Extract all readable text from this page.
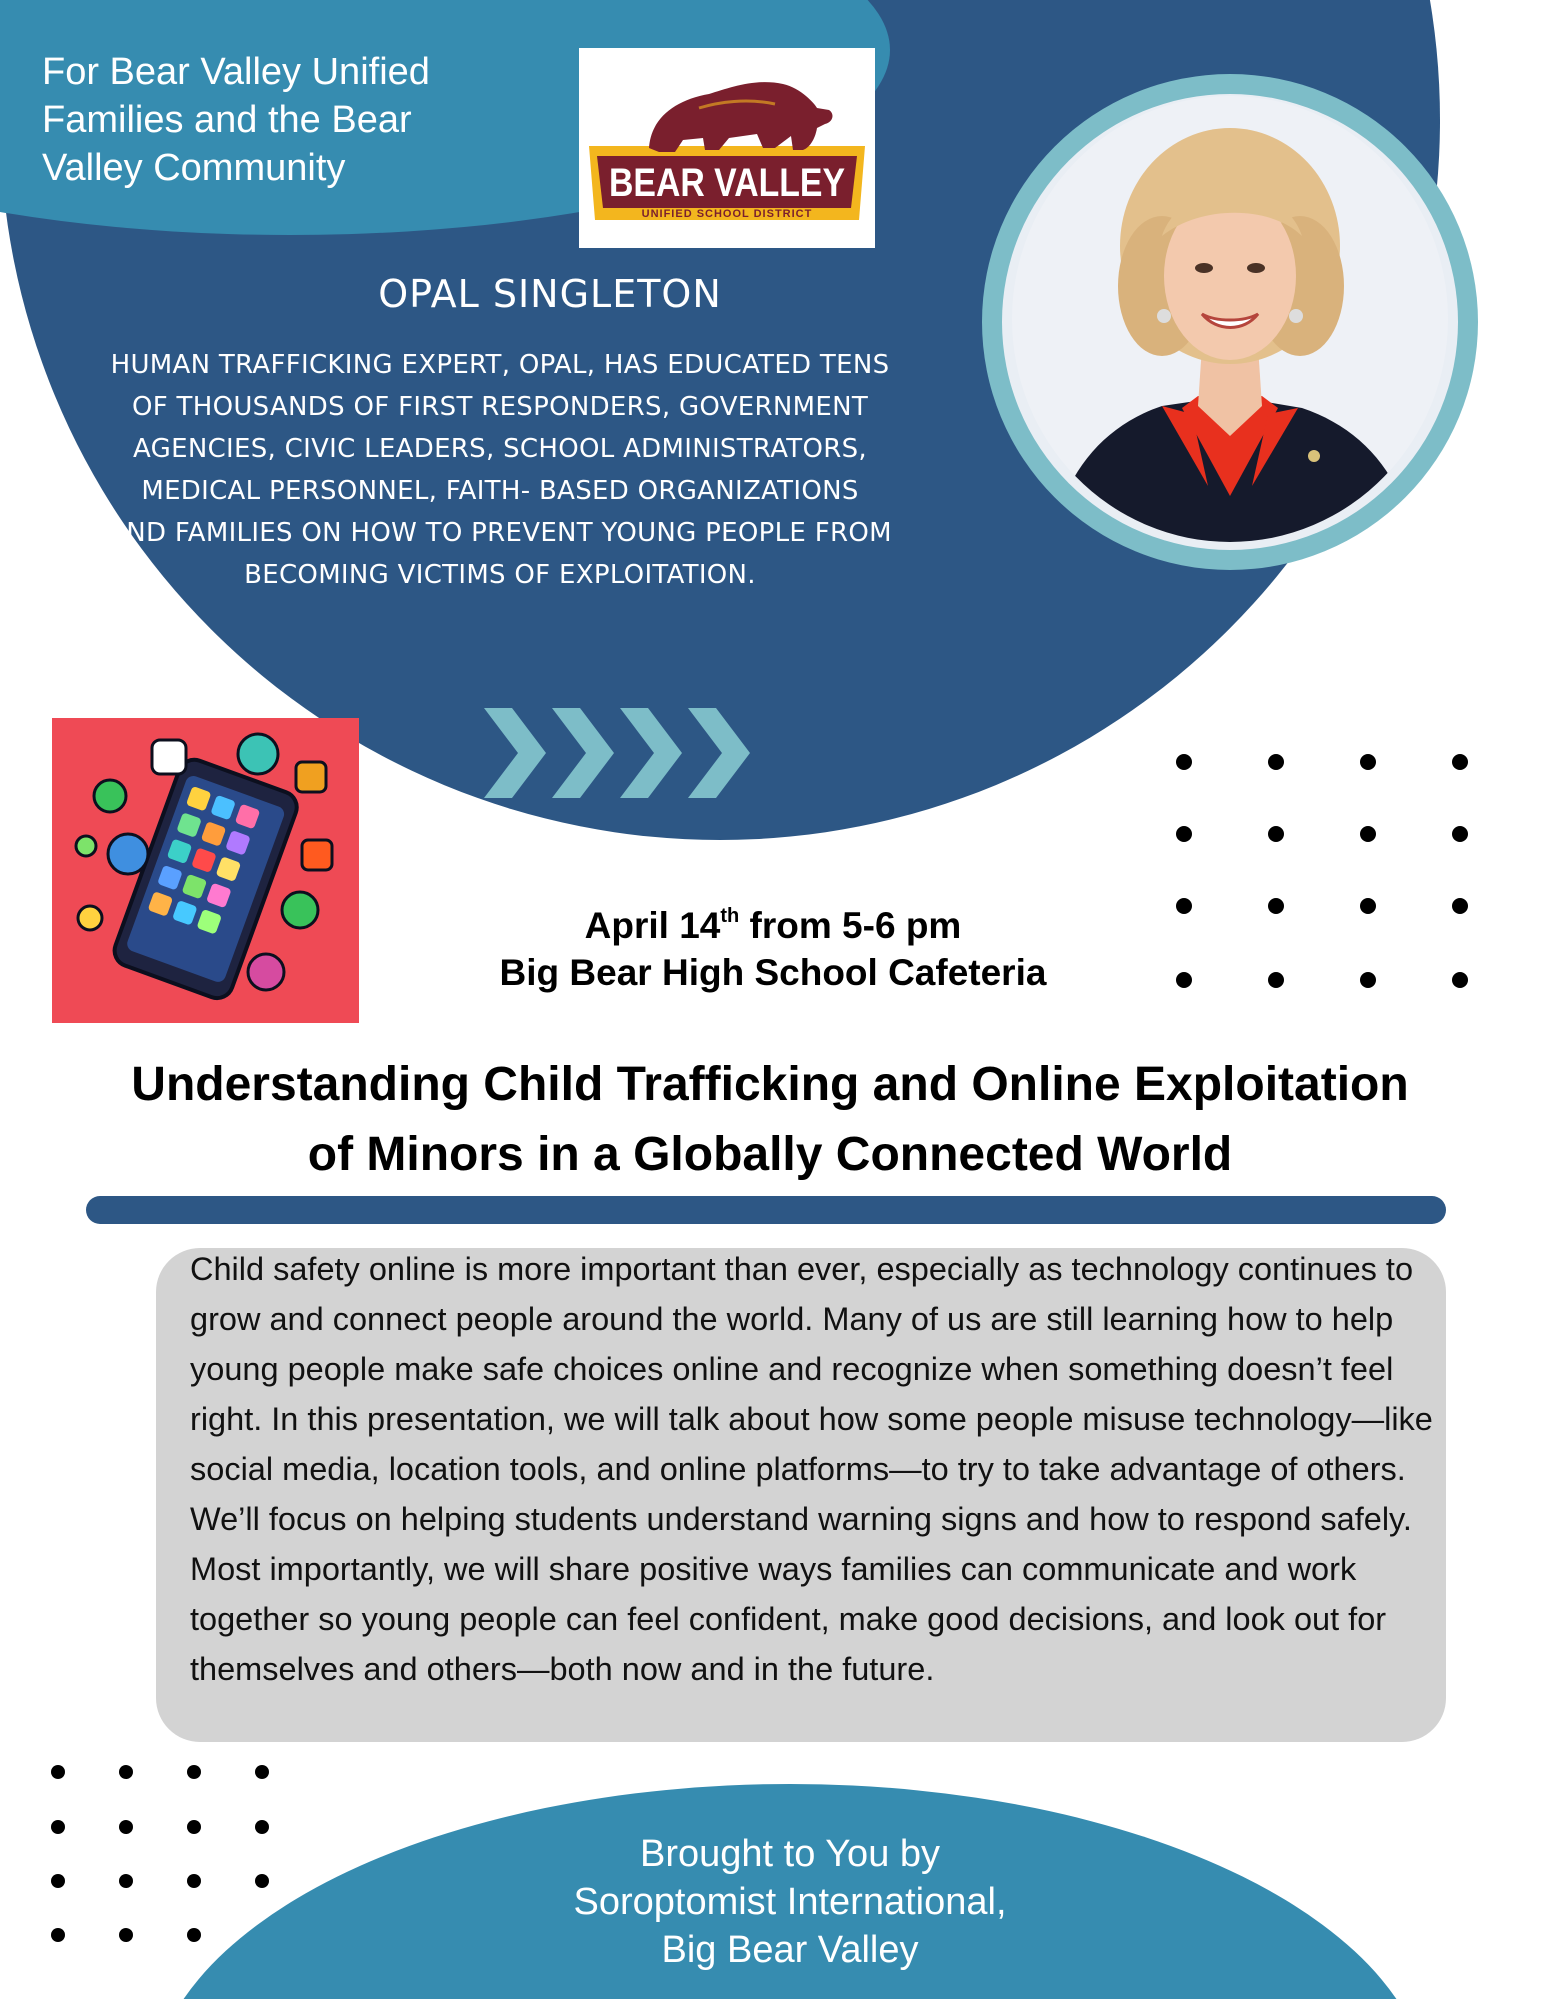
For Bear Valley Unified
Families and the Bear
Valley Community	BEAR VALLEY
UNIFIED SCHOOL DISTRICT
OPAL SINGLETON
HUMAN TRAFFICKING EXPERT, OPAL, HAS EDUCATED TENS
OF THOUSANDS OF FIRST RESPONDERS, GOVERNMENT
AGENCIES, CIVIC LEADERS, SCHOOL ADMINISTRATORS,
MEDICAL PERSONNEL, FAITH- BASED ORGANIZATIONS
AND FAMILIES ON HOW TO PREVENT YOUNG PEOPLE FROM
BECOMING VICTIMS OF EXPLOITATION.
April 14th from 5-6 pm
Big Bear High School Cafeteria
Understanding Child Trafficking and Online Exploitation
of Minors in a Globally Connected World

Child safety online is more important than ever, especially as technology continues to grow and connect people around the world. Many of us are still learning how to help young people make safe choices online and recognize when something doesn’t feel right. In this presentation, we will talk about how some people misuse technology—like social media, location tools, and online platforms—to try to take advantage of others. We’ll focus on helping students understand warning signs and how to respond safely.

Most importantly, we will share positive ways families can communicate and work together so young people can feel confident, make good decisions, and look out for themselves and others—both now and in the future.

Brought to You by
Soroptomist International,
Big Bear Valley
